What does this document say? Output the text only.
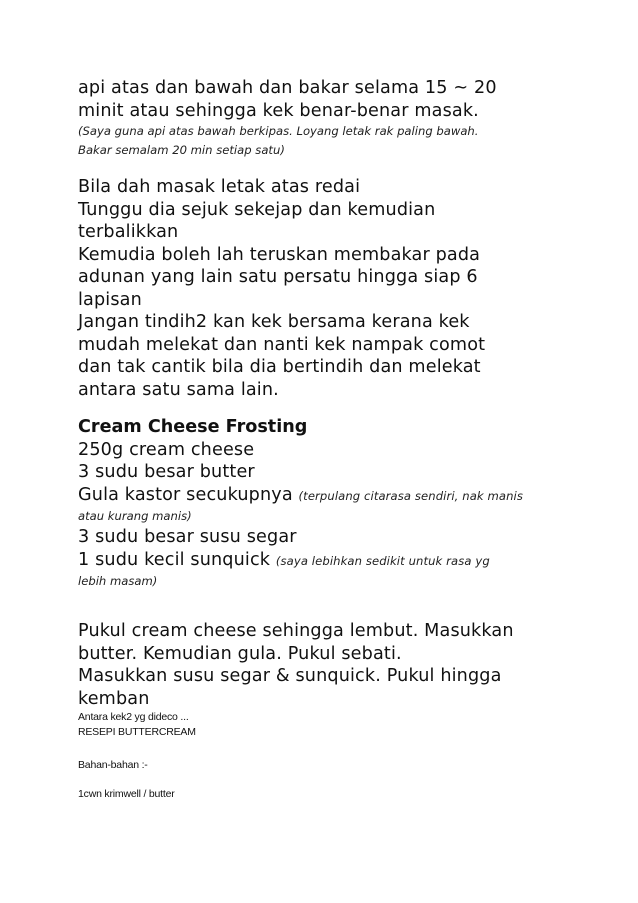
api atas dan bawah dan bakar selama 15 ~ 20

minit atau sehingga kek benar-benar masak.

(Saya guna api atas bawah berkipas. Loyang letak rak paling bawah.

Bakar semalam 20 min setiap satu)

Bila dah masak letak atas redai

Tunggu dia sejuk sekejap dan kemudian

terbalikkan

Kemudia boleh lah teruskan membakar pada

adunan yang lain satu persatu hingga siap 6

lapisan

Jangan tindih2 kan kek bersama kerana kek

mudah melekat dan nanti kek nampak comot

dan tak cantik bila dia bertindih dan melekat

antara satu sama lain.

Cream Cheese Frosting

250g cream cheese

3 sudu besar butter

Gula kastor secukupnya (terpulang citarasa sendiri, nak manis

atau kurang manis)

3 sudu besar susu segar

1 sudu kecil sunquick (saya lebihkan sedikit untuk rasa yg

lebih masam)

Pukul cream cheese sehingga lembut. Masukkan

butter. Kemudian gula. Pukul sebati.

Masukkan susu segar & sunquick. Pukul hingga

kemban

Antara kek2 yg dideco ...

RESEPI BUTTERCREAM

Bahan-bahan :-

1cwn krimwell / butter
